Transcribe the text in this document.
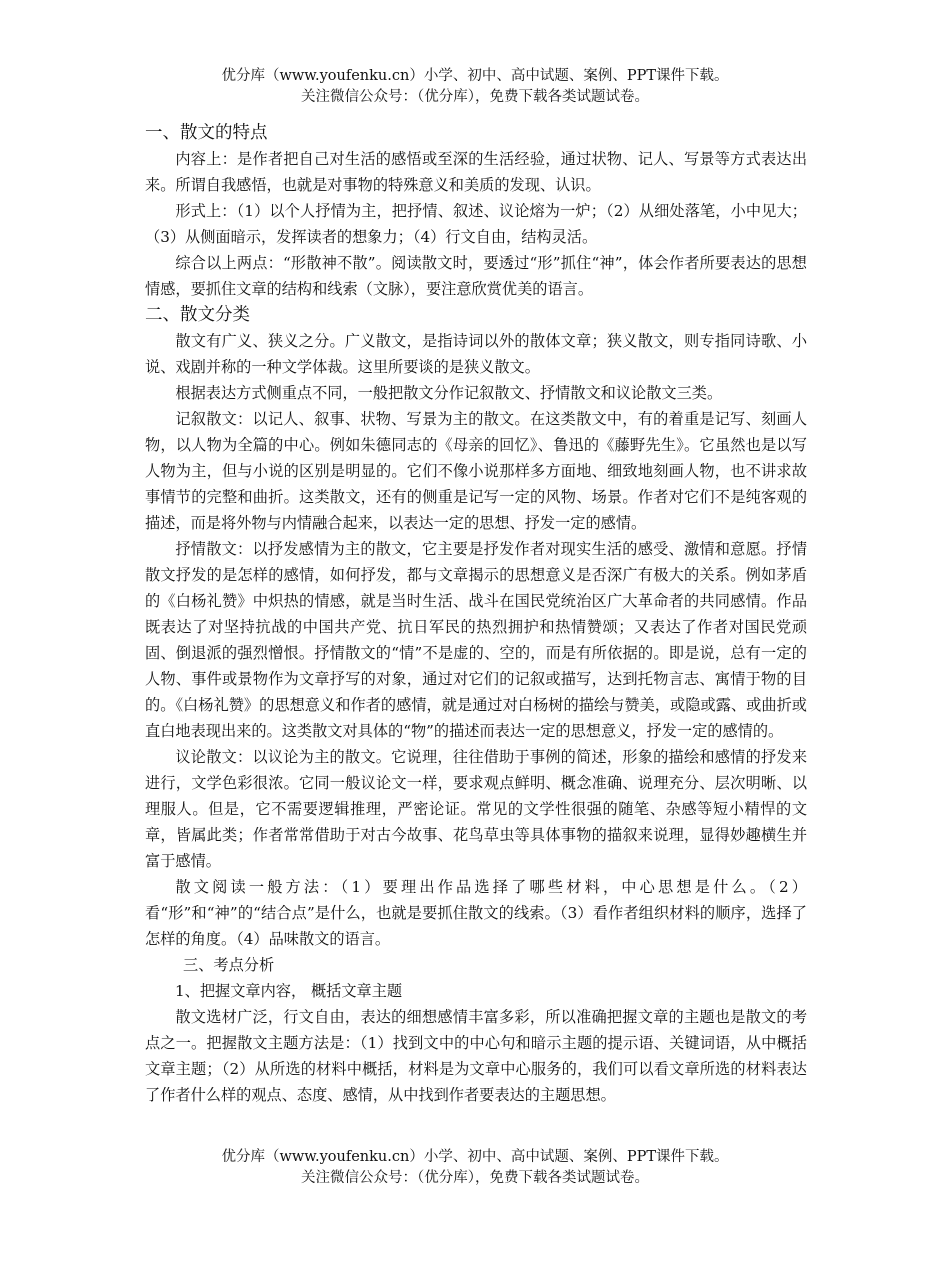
优分库（www.youfenku.cn）小学、初中、高中试题、案例、PPT课件下载。
关注微信公众号：（优分库），免费下载各类试题试卷。
一、散文的特点

内容上：是作者把自己对生活的感悟或至深的生活经验，通过状物、记人、写景等方式表达出来。所谓自我感悟，也就是对事物的特殊意义和美质的发现、认识。

形式上：（1）以个人抒情为主，把抒情、叙述、议论熔为一炉；（2）从细处落笔，小中见大；（3）从侧面暗示，发挥读者的想象力；（4）行文自由，结构灵活。

综合以上两点：“形散神不散”。阅读散文时，要透过“形”抓住“神”，体会作者所要表达的思想情感，要抓住文章的结构和线索（文脉），要注意欣赏优美的语言。

二、散文分类

散文有广义、狭义之分。广义散文，是指诗词以外的散体文章；狭义散文，则专指同诗歌、小说、戏剧并称的一种文学体裁。这里所要谈的是狭义散文。

根据表达方式侧重点不同，一般把散文分作记叙散文、抒情散文和议论散文三类。

记叙散文：以记人、叙事、状物、写景为主的散文。在这类散文中，有的着重是记写、刻画人物，以人物为全篇的中心。例如朱德同志的《母亲的回忆》、鲁迅的《藤野先生》。它虽然也是以写人物为主，但与小说的区别是明显的。它们不像小说那样多方面地、细致地刻画人物，也不讲求故事情节的完整和曲折。这类散文，还有的侧重是记写一定的风物、场景。作者对它们不是纯客观的描述，而是将外物与内情融合起来，以表达一定的思想、抒发一定的感情。

抒情散文：以抒发感情为主的散文，它主要是抒发作者对现实生活的感受、激情和意愿。抒情散文抒发的是怎样的感情，如何抒发，都与文章揭示的思想意义是否深广有极大的关系。例如茅盾的《白杨礼赞》中炽热的情感，就是当时生活、战斗在国民党统治区广大革命者的共同感情。作品既表达了对坚持抗战的中国共产党、抗日军民的热烈拥护和热情赞颂；又表达了作者对国民党顽固、倒退派的强烈憎恨。抒情散文的“情”不是虚的、空的，而是有所依据的。即是说，总有一定的人物、事件或景物作为文章抒写的对象，通过对它们的记叙或描写，达到托物言志、寓情于物的目的。《白杨礼赞》的思想意义和作者的感情，就是通过对白杨树的描绘与赞美，或隐或露、或曲折或直白地表现出来的。这类散文对具体的“物”的描述而表达一定的思想意义，抒发一定的感情的。

议论散文：以议论为主的散文。它说理，往往借助于事例的简述，形象的描绘和感情的抒发来进行，文学色彩很浓。它同一般议论文一样，要求观点鲜明、概念准确、说理充分、层次明晰、以理服人。但是，它不需要逻辑推理，严密论证。常见的文学性很强的随笔、杂感等短小精悍的文章，皆属此类；作者常常借助于对古今故事、花鸟草虫等具体事物的描叙来说理，显得妙趣横生并富于感情。

散文阅读一般方法：（1）要理出作品选择了哪些材料，中心思想是什么。（2）看“形”和“神”的“结合点”是什么，也就是要抓住散文的线索。（3）看作者组织材料的顺序，选择了怎样的角度。（4）品味散文的语言。

三、考点分析

1、把握文章内容， 概括文章主题

散文选材广泛，行文自由，表达的细想感情丰富多彩，所以准确把握文章的主题也是散文的考点之一。把握散文主题方法是：（1）找到文中的中心句和暗示主题的提示语、关键词语，从中概括文章主题；（2）从所选的材料中概括，材料是为文章中心服务的，我们可以看文章所选的材料表达了作者什么样的观点、态度、感情，从中找到作者要表达的主题思想。

优分库（www.youfenku.cn）小学、初中、高中试题、案例、PPT课件下载。
关注微信公众号：（优分库），免费下载各类试题试卷。
